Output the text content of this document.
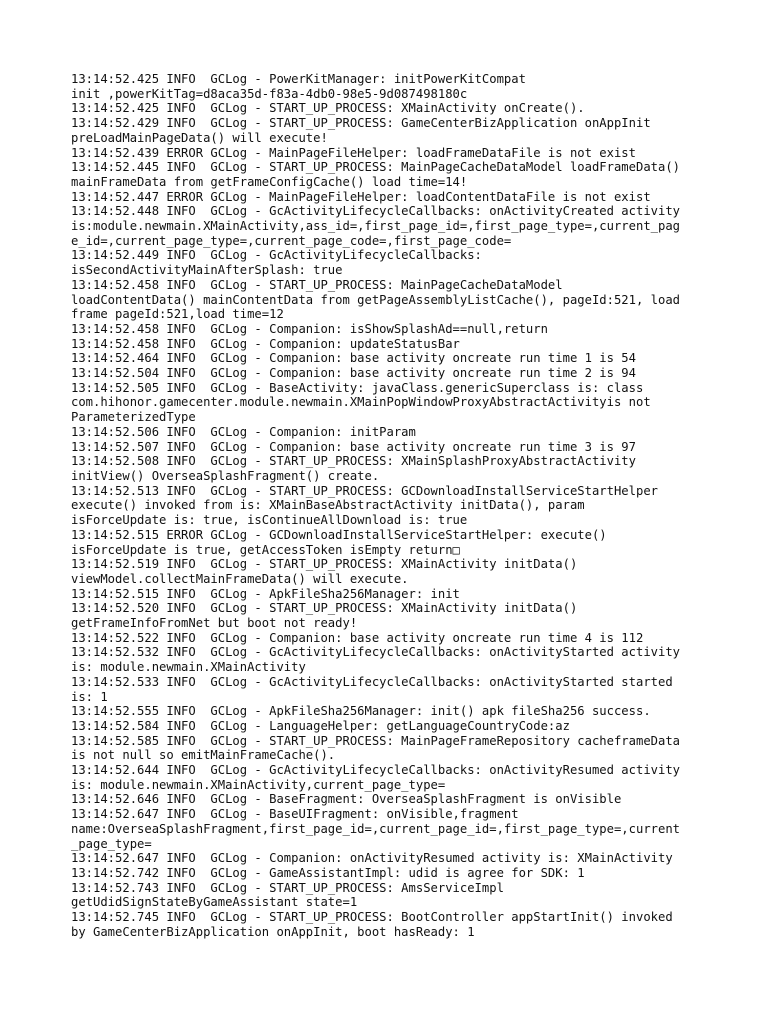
13:14:52.425 INFO  GCLog - PowerKitManager: initPowerKitCompat
init ,powerKitTag=d8aca35d-f83a-4db0-98e5-9d087498180c
13:14:52.425 INFO  GCLog - START_UP_PROCESS: XMainActivity onCreate().
13:14:52.429 INFO  GCLog - START_UP_PROCESS: GameCenterBizApplication onAppInit
preLoadMainPageData() will execute!
13:14:52.439 ERROR GCLog - MainPageFileHelper: loadFrameDataFile is not exist
13:14:52.445 INFO  GCLog - START_UP_PROCESS: MainPageCacheDataModel loadFrameData()
mainFrameData from getFrameConfigCache() load time=14!
13:14:52.447 ERROR GCLog - MainPageFileHelper: loadContentDataFile is not exist
13:14:52.448 INFO  GCLog - GcActivityLifecycleCallbacks: onActivityCreated activity
is:module.newmain.XMainActivity,ass_id=,first_page_id=,first_page_type=,current_pag
e_id=,current_page_type=,current_page_code=,first_page_code=
13:14:52.449 INFO  GCLog - GcActivityLifecycleCallbacks:
isSecondActivityMainAfterSplash: true
13:14:52.458 INFO  GCLog - START_UP_PROCESS: MainPageCacheDataModel
loadContentData() mainContentData from getPageAssemblyListCache(), pageId:521, load
frame pageId:521,load time=12
13:14:52.458 INFO  GCLog - Companion: isShowSplashAd==null,return
13:14:52.458 INFO  GCLog - Companion: updateStatusBar
13:14:52.464 INFO  GCLog - Companion: base activity oncreate run time 1 is 54
13:14:52.504 INFO  GCLog - Companion: base activity oncreate run time 2 is 94
13:14:52.505 INFO  GCLog - BaseActivity: javaClass.genericSuperclass is: class
com.hihonor.gamecenter.module.newmain.XMainPopWindowProxyAbstractActivityis not
ParameterizedType
13:14:52.506 INFO  GCLog - Companion: initParam
13:14:52.507 INFO  GCLog - Companion: base activity oncreate run time 3 is 97
13:14:52.508 INFO  GCLog - START_UP_PROCESS: XMainSplashProxyAbstractActivity
initView() OverseaSplashFragment() create.
13:14:52.513 INFO  GCLog - START_UP_PROCESS: GCDownloadInstallServiceStartHelper
execute() invoked from is: XMainBaseAbstractActivity initData(), param
isForceUpdate is: true, isContinueAllDownload is: true
13:14:52.515 ERROR GCLog - GCDownloadInstallServiceStartHelper: execute()
isForceUpdate is true, getAccessToken isEmpty return□
13:14:52.519 INFO  GCLog - START_UP_PROCESS: XMainActivity initData()
viewModel.collectMainFrameData() will execute.
13:14:52.515 INFO  GCLog - ApkFileSha256Manager: init
13:14:52.520 INFO  GCLog - START_UP_PROCESS: XMainActivity initData()
getFrameInfoFromNet but boot not ready!
13:14:52.522 INFO  GCLog - Companion: base activity oncreate run time 4 is 112
13:14:52.532 INFO  GCLog - GcActivityLifecycleCallbacks: onActivityStarted activity
is: module.newmain.XMainActivity
13:14:52.533 INFO  GCLog - GcActivityLifecycleCallbacks: onActivityStarted started
is: 1
13:14:52.555 INFO  GCLog - ApkFileSha256Manager: init() apk fileSha256 success.
13:14:52.584 INFO  GCLog - LanguageHelper: getLanguageCountryCode:az
13:14:52.585 INFO  GCLog - START_UP_PROCESS: MainPageFrameRepository cacheframeData
is not null so emitMainFrameCache().
13:14:52.644 INFO  GCLog - GcActivityLifecycleCallbacks: onActivityResumed activity
is: module.newmain.XMainActivity,current_page_type=
13:14:52.646 INFO  GCLog - BaseFragment: OverseaSplashFragment is onVisible
13:14:52.647 INFO  GCLog - BaseUIFragment: onVisible,fragment
name:OverseaSplashFragment,first_page_id=,current_page_id=,first_page_type=,current
_page_type=
13:14:52.647 INFO  GCLog - Companion: onActivityResumed activity is: XMainActivity
13:14:52.742 INFO  GCLog - GameAssistantImpl: udid is agree for SDK: 1
13:14:52.743 INFO  GCLog - START_UP_PROCESS: AmsServiceImpl
getUdidSignStateByGameAssistant state=1
13:14:52.745 INFO  GCLog - START_UP_PROCESS: BootController appStartInit() invoked
by GameCenterBizApplication onAppInit, boot hasReady: 1
